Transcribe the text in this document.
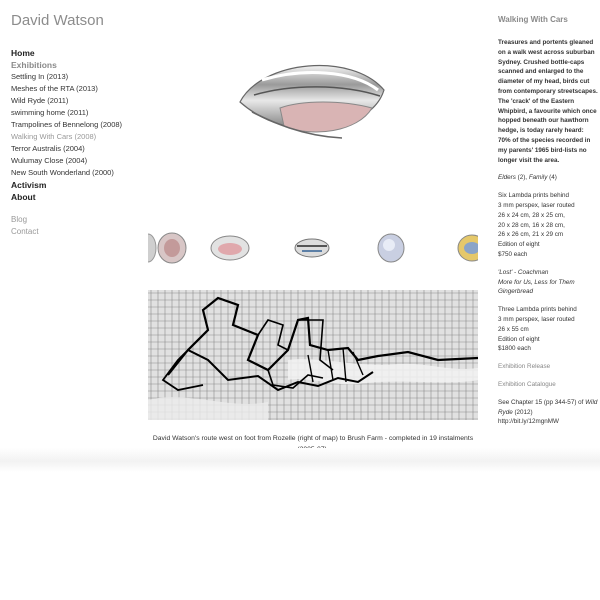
David Watson
Home
Exhibitions
Settling In (2013)
Meshes of the RTA (2013)
Wild Ryde (2011)
swimming home (2011)
Trampolines of Bennelong (2008)
Walking With Cars (2008)
Terror Australis (2004)
Wulumay Close (2004)
New South Wonderland (2000)
Activism
About
Blog
Contact
David Watson's route west on foot from Rozelle (right of map) to Brush Farm - completed in 19 instalments
Walking With Cars

Treasures and portents gleaned on a walk west across suburban Sydney. Crushed bottle-caps scanned and enlarged to the diameter of my head, birds cut from contemporary streetscapes. The 'crack' of the Eastern Whipbird, a favourite which once hopped beneath our hawthorn hedge, is today rarely heard: 70% of the species recorded in my parents' 1965 bird-lists no longer visit the area.

Elders (2), Family (4)

Six Lambda prints behind
3 mm perspex, laser routed
26 x 24 cm, 28 x 25 cm,
20 x 28 cm, 16 x 28 cm,
26 x 26 cm, 21 x 29 cm
Edition of eight
$750 each

'Lost' - Coachman
More for Us, Less for Them
Gingerbread

Three Lambda prints behind
3 mm perspex, laser routed
26 x 55 cm
Edition of eight
$1800 each

Exhibition Release

Exhibition Catalogue

See Chapter 15 (pp 344-57) of Wild Ryde (2012)
http://bit.ly/12mgnMW
